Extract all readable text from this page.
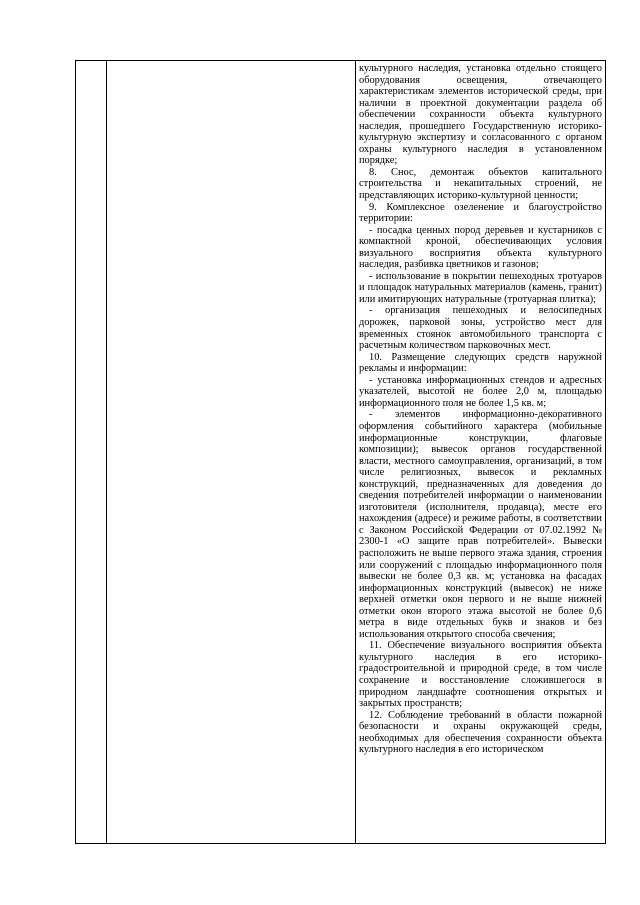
культурного наследия, установка отдельно стоящего оборудования освещения, отвечающего характеристикам элементов исторической среды, при наличии в проектной документации раздела об обеспечении сохранности объекта культурного наследия, прошедшего Государственную историко-культурную экспертизу и согласованного с органом охраны культурного наследия в установленном порядке;

8. Снос, демонтаж объектов капитального строительства и некапитальных строений, не представляющих историко-культурной ценности;

9. Комплексное озеленение и благоустройство территории:

- посадка ценных пород деревьев и кустарников с компактной кроной, обеспечивающих условия визуального восприятия объекта культурного наследия, разбивка цветников и газонов;

- использование в покрытии пешеходных тротуаров и площадок натуральных материалов (камень, гранит) или имитирующих натуральные (тротуарная плитка);

- организация пешеходных и велосипедных дорожек, парковой зоны, устройство мест для временных стоянок автомобильного транспорта с расчетным количеством парковочных мест.

10. Размещение следующих средств наружной рекламы и информации:

- установка информационных стендов и адресных указателей, высотой не более 2,0 м, площадью информационного поля не более 1,5 кв. м;

- элементов информационно-декоративного оформления событийного характера (мобильные информационные конструкции, флаговые композиции); вывесок органов государственной власти, местного самоуправления, организаций, в том числе религиозных, вывесок и рекламных конструкций, предназначенных для доведения до сведения потребителей информации о наименовании изготовителя (исполнителя, продавца), месте его нахождения (адресе) и режиме работы, в соответствии с Законом Российской Федерации от 07.02.1992 № 2300-1 «О защите прав потребителей». Вывески расположить не выше первого этажа здания, строения или сооружений с площадью информационного поля вывески не более 0,3 кв. м; установка на фасадах информационных конструкций (вывесок) не ниже верхней отметки окон первого и не выше нижней отметки окон второго этажа высотой не более 0,6 метра в виде отдельных букв и знаков и без использования открытого способа свечения;

11. Обеспечение визуального восприятия объекта культурного наследия в его историко-градостроительной и природной среде, в том числе сохранение и восстановление сложившегося в природном ландшафте соотношения открытых и закрытых пространств;

12. Соблюдение требований в области пожарной безопасности и охраны окружающей среды, необходимых для обеспечения сохранности объекта культурного наследия в его историческом
